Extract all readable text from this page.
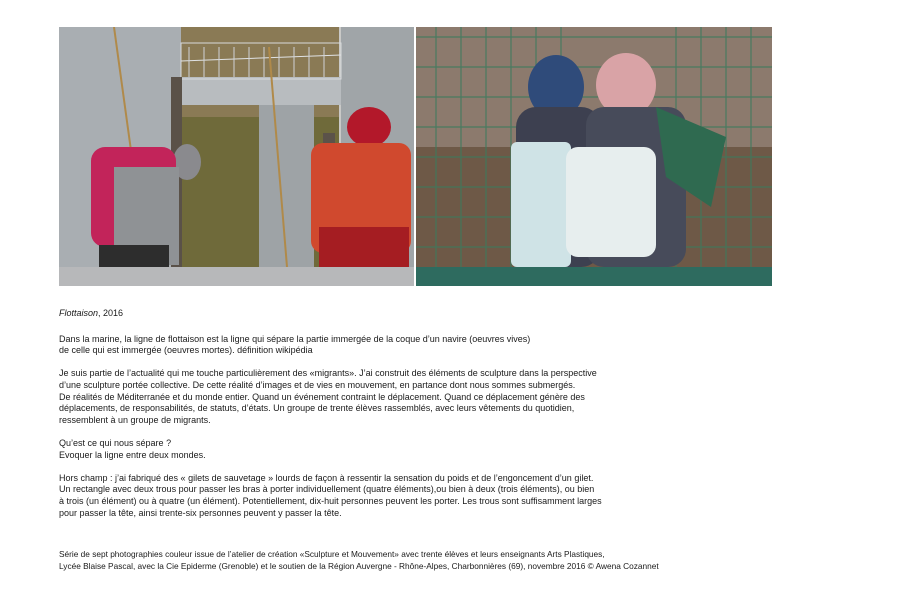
Flottaison, 2016

Dans la marine, la ligne de flottaison est la ligne qui sépare la partie immergée de la coque d’un navire (oeuvres vives)
de celle qui est immergée (oeuvres mortes). définition wikipédia

Je suis partie de l’actualité qui me touche particulièrement des «migrants». J’ai construit des éléments de sculpture dans la perspective
d’une sculpture portée collective. De cette réalité d’images et de vies en mouvement, en partance dont nous sommes submergés.
De réalités de Méditerranée et du monde entier. Quand un événement contraint le déplacement. Quand ce déplacement génère des
déplacements, de responsabilités, de statuts, d’états. Un groupe de trente élèves rassemblés, avec leurs vêtements du quotidien,
ressemblent à un groupe de migrants.

Qu’est ce qui nous sépare ?
Evoquer la ligne entre deux mondes.

Hors champ : j’ai fabriqué des « gilets de sauvetage » lourds de façon à ressentir la sensation du poids et de l’engoncement d’un gilet.
Un rectangle avec deux trous pour passer les bras à porter individuellement (quatre éléments),ou bien à deux (trois éléments), ou bien
à trois (un élément) ou à quatre (un élément). Potentiellement, dix-huit personnes peuvent les porter. Les trous sont suffisamment larges
pour passer la tête, ainsi trente-six personnes peuvent y passer la tête.

Série de sept photographies couleur issue de l’atelier de création «Sculpture et Mouvement» avec trente élèves et leurs enseignants Arts Plastiques,
Lycée Blaise Pascal, avec la Cie Epiderme (Grenoble) et le soutien de la Région Auvergne - Rhône-Alpes, Charbonnières (69), novembre 2016 © Awena Cozannet
